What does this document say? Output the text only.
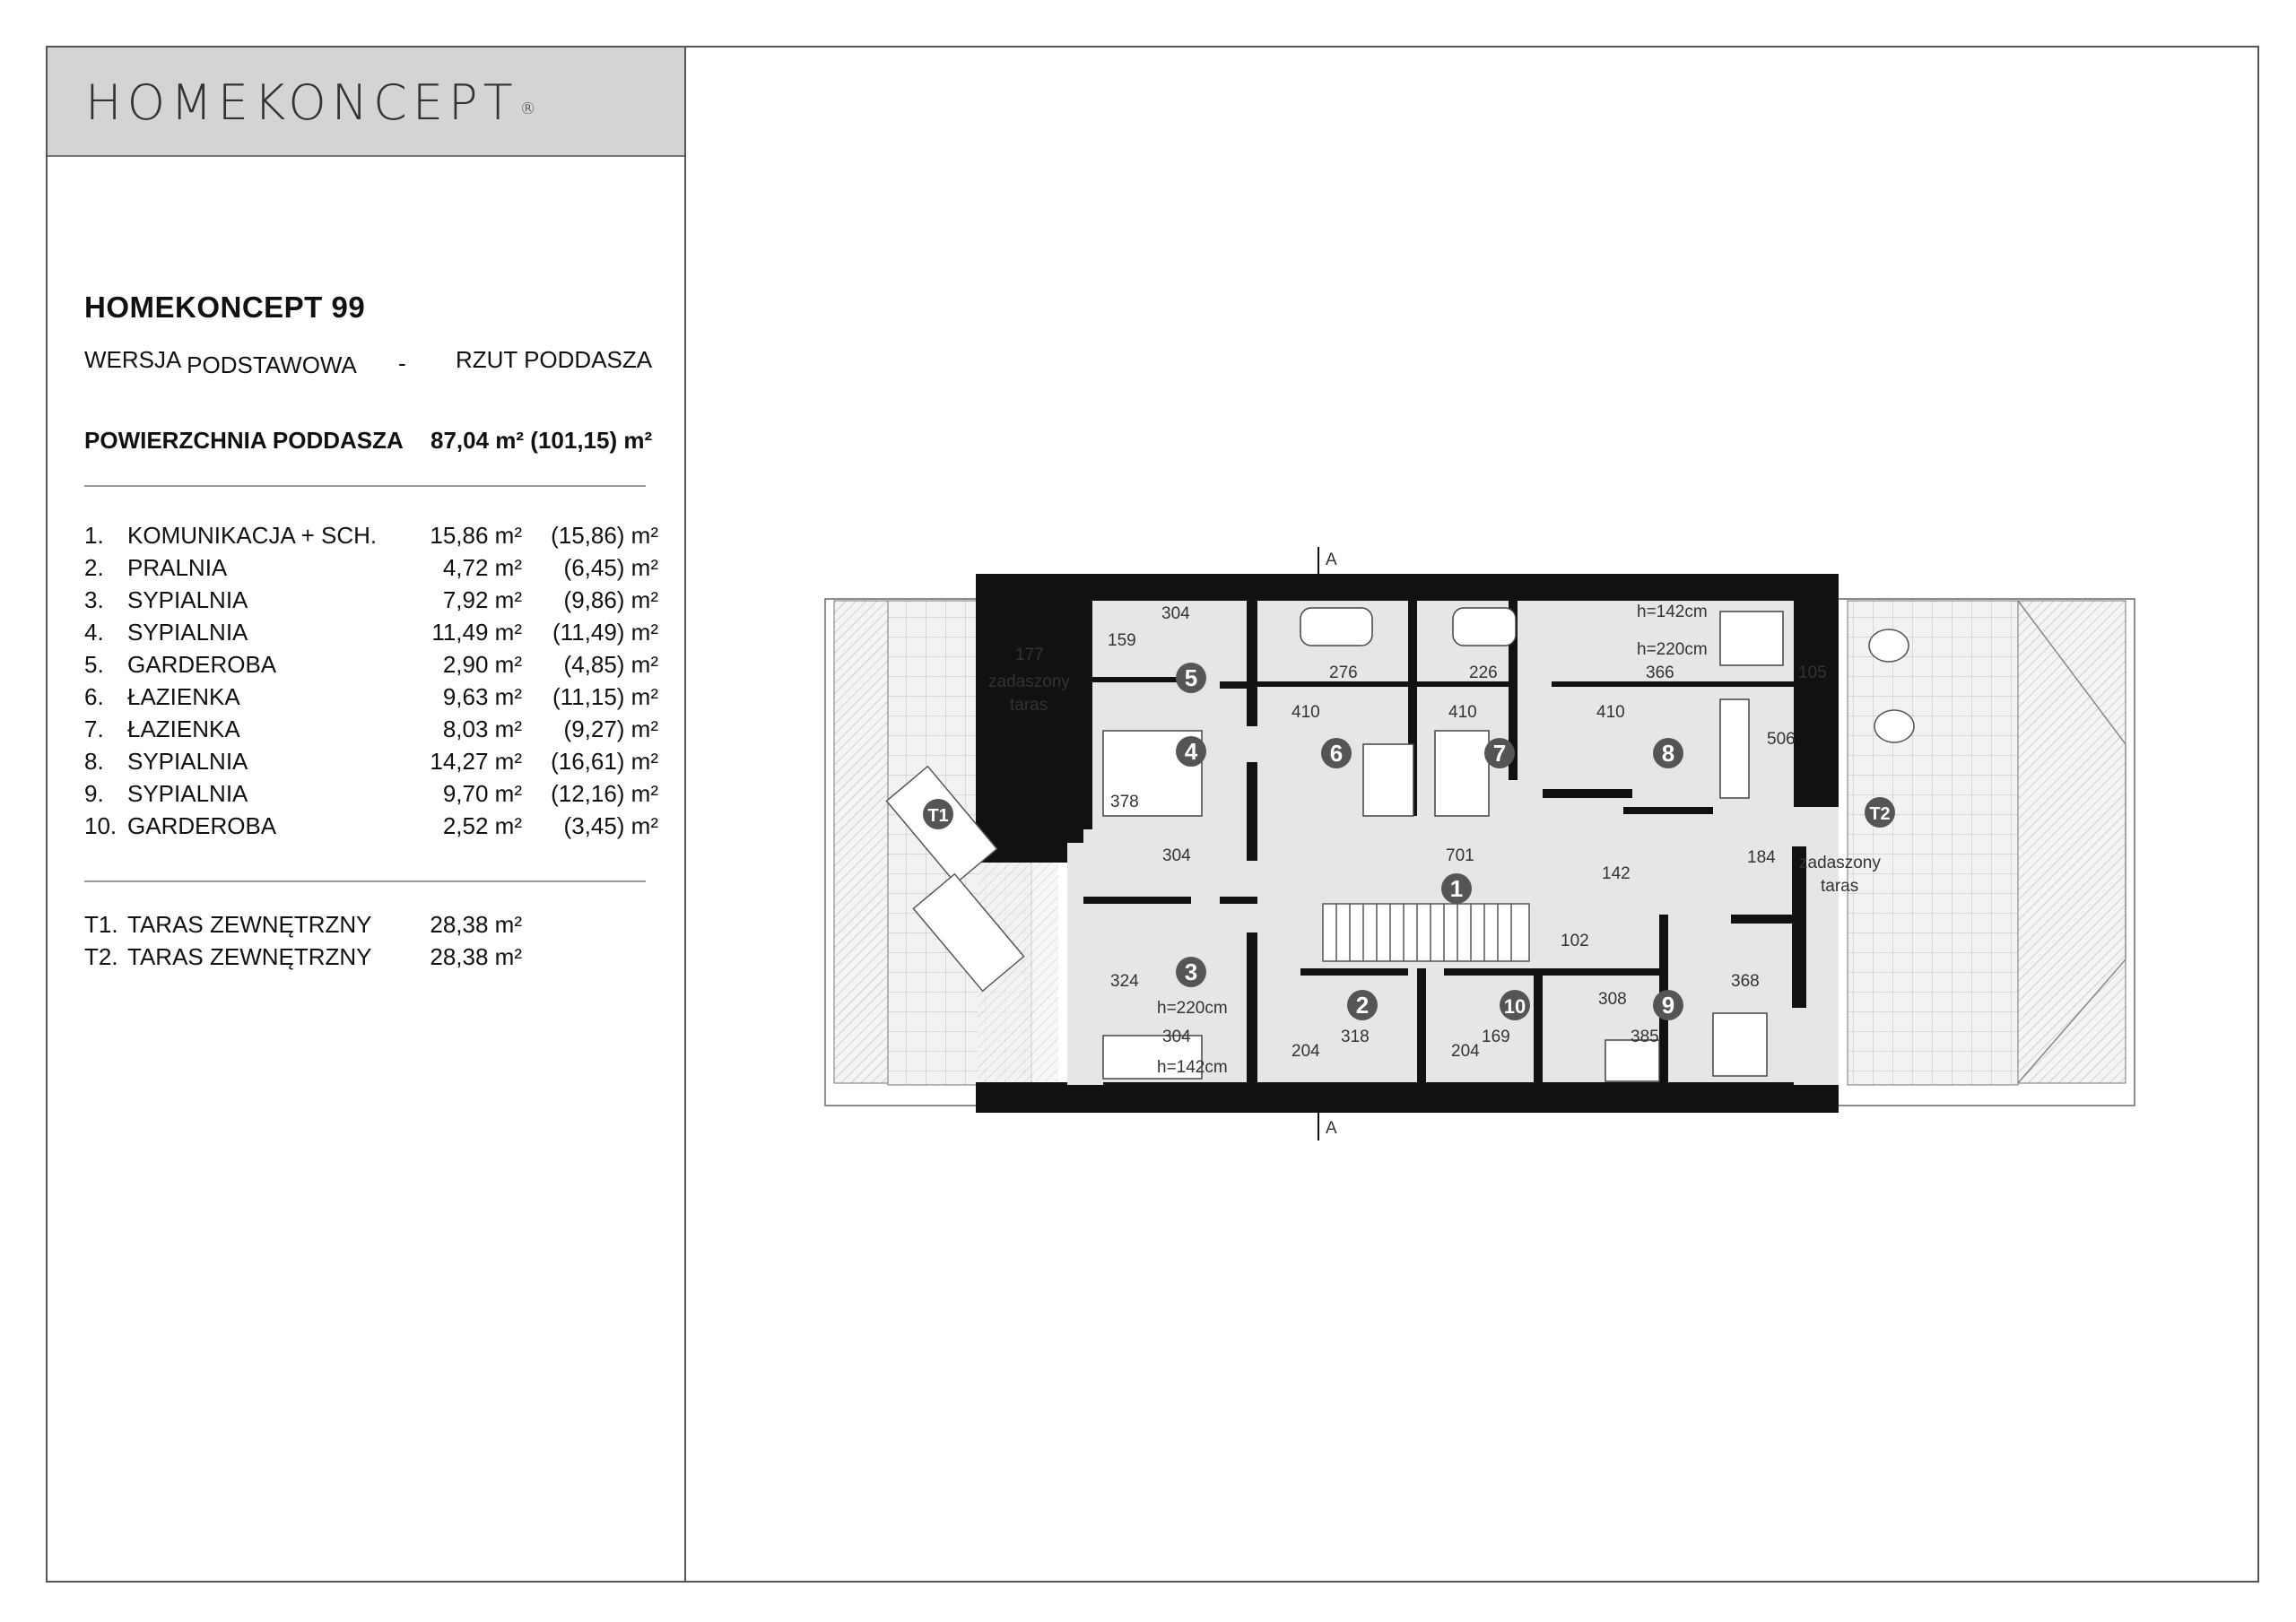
HOMEKONCEPT ®
HOMEKONCEPT 99
WERSJA PODSTAWOWA - RZUT PODDASZA
POWIERZCHNIA PODDASZA 87,04 m² (101,15) m²
1. KOMUNIKACJA + SCH. 15,86 m² (15,86) m²
2. PRALNIA	4,72 m² (6,45) m²
3. SYPIALNIA	7,92 m² (9,86) m²
4. SYPIALNIA	11,49 m² (11,49) m²
5. GARDEROBA	2,90 m² (4,85) m²
6. ŁAZIENKA	9,63 m² (11,15) m²
7. ŁAZIENKA	8,03 m² (9,27) m²
8. SYPIALNIA	14,27 m² (16,61) m²
9. SYPIALNIA	9,70 m² (12,16) m²
10. GARDEROBA	2,52 m² (3,45) m²
T1. TARAS ZEWNĘTRZNY 28,38 m²
T2. TARAS ZEWNĘTRZNY 28,38 m²
A
A
177
304
159
276	226	366	105
410	410	410
506
378
304	701
142
184
102
324
304	318
204	204
169
308
385
368
h=142cm
h=220cm
h=220cm
h=142cm
zadaszony
taras
zadaszony
taras
1
2
3
4
5
6	7	8
9
10
T1	T2
